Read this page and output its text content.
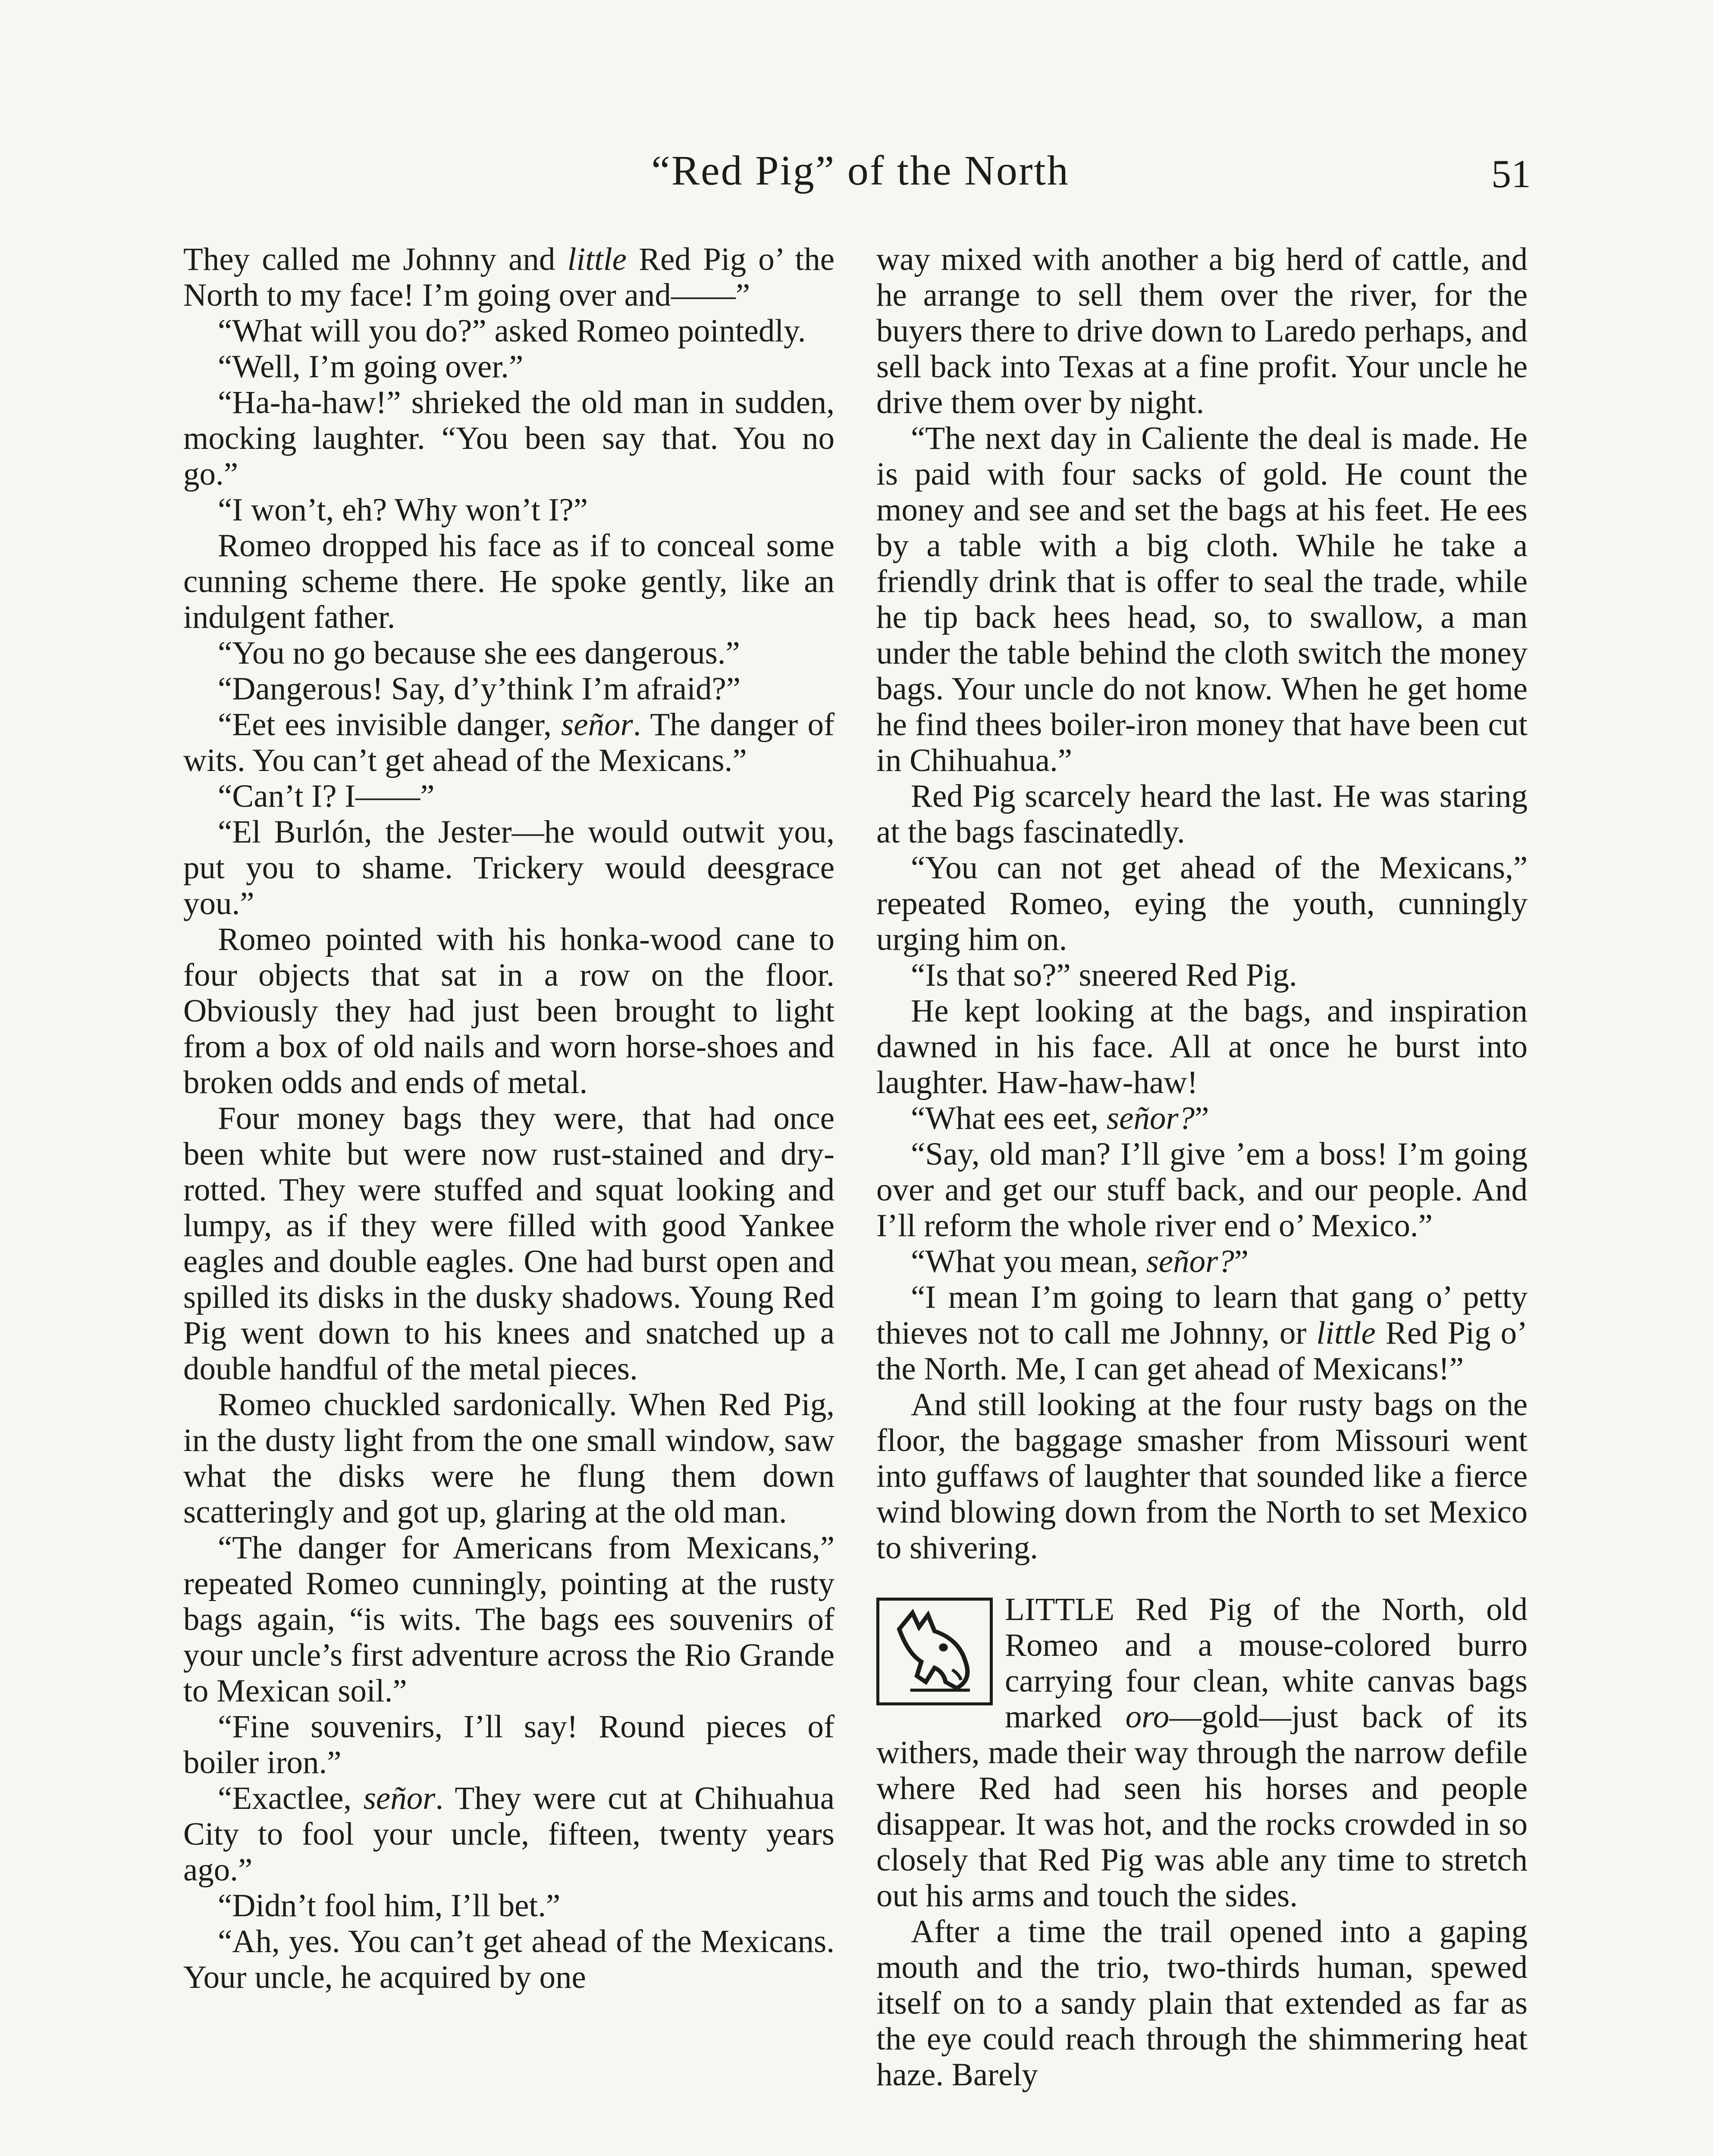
“Red Pig” of the North	51

They called me Johnny and little Red Pig o’ the North to my face! I’m going over and——”

“What will you do?” asked Romeo pointedly.

“Well, I’m going over.”

“Ha-ha-haw!” shrieked the old man in sudden, mocking laughter. “You been say that. You no go.”

“I won’t, eh? Why won’t I?”

Romeo dropped his face as if to conceal some cunning scheme there. He spoke gently, like an indulgent father.

“You no go because she ees dangerous.”

“Dangerous! Say, d’y’think I’m afraid?”

“Eet ees invisible danger, señor. The danger of wits. You can’t get ahead of the Mexicans.”

“Can’t I? I——”

“El Burlón, the Jester—he would outwit you, put you to shame. Trickery would deesgrace you.”

Romeo pointed with his honka-wood cane to four objects that sat in a row on the floor. Obviously they had just been brought to light from a box of old nails and worn horse-shoes and broken odds and ends of metal.

Four money bags they were, that had once been white but were now rust-stained and dry-rotted. They were stuffed and squat looking and lumpy, as if they were filled with good Yankee eagles and double eagles. One had burst open and spilled its disks in the dusky shadows. Young Red Pig went down to his knees and snatched up a double handful of the metal pieces.

Romeo chuckled sardonically. When Red Pig, in the dusty light from the one small window, saw what the disks were he flung them down scatteringly and got up, glaring at the old man.

“The danger for Americans from Mexicans,” repeated Romeo cunningly, pointing at the rusty bags again, “is wits. The bags ees souvenirs of your uncle’s first adventure across the Rio Grande to Mexican soil.”

“Fine souvenirs, I’ll say! Round pieces of boiler iron.”

“Exactlee, señor. They were cut at Chihuahua City to fool your uncle, fifteen, twenty years ago.”

“Didn’t fool him, I’ll bet.”

“Ah, yes. You can’t get ahead of the Mexicans. Your uncle, he acquired by one

way mixed with another a big herd of cattle, and he arrange to sell them over the river, for the buyers there to drive down to Laredo perhaps, and sell back into Texas at a fine profit. Your uncle he drive them over by night.

“The next day in Caliente the deal is made. He is paid with four sacks of gold. He count the money and see and set the bags at his feet. He ees by a table with a big cloth. While he take a friendly drink that is offer to seal the trade, while he tip back hees head, so, to swallow, a man under the table behind the cloth switch the money bags. Your uncle do not know. When he get home he find thees boiler-iron money that have been cut in Chihuahua.”

Red Pig scarcely heard the last. He was staring at the bags fascinatedly.

“You can not get ahead of the Mexicans,” repeated Romeo, eying the youth, cunningly urging him on.

“Is that so?” sneered Red Pig.

He kept looking at the bags, and inspiration dawned in his face. All at once he burst into laughter. Haw-haw-haw!

“What ees eet, señor?”

“Say, old man? I’ll give ’em a boss! I’m going over and get our stuff back, and our people. And I’ll reform the whole river end o’ Mexico.”

“What you mean, señor?”

“I mean I’m going to learn that gang o’ petty thieves not to call me Johnny, or little Red Pig o’ the North. Me, I can get ahead of Mexicans!”

And still looking at the four rusty bags on the floor, the baggage smasher from Missouri went into guffaws of laughter that sounded like a fierce wind blowing down from the North to set Mexico to shivering.

LITTLE Red Pig of the North, old Romeo and a mouse-colored burro carrying four clean, white canvas bags marked oro—gold—just back of its withers, made their way through the narrow defile where Red had seen his horses and people disappear. It was hot, and the rocks crowded in so closely that Red Pig was able any time to stretch out his arms and touch the sides.

After a time the trail opened into a gaping mouth and the trio, two-thirds human, spewed itself on to a sandy plain that extended as far as the eye could reach through the shimmering heat haze. Barely
